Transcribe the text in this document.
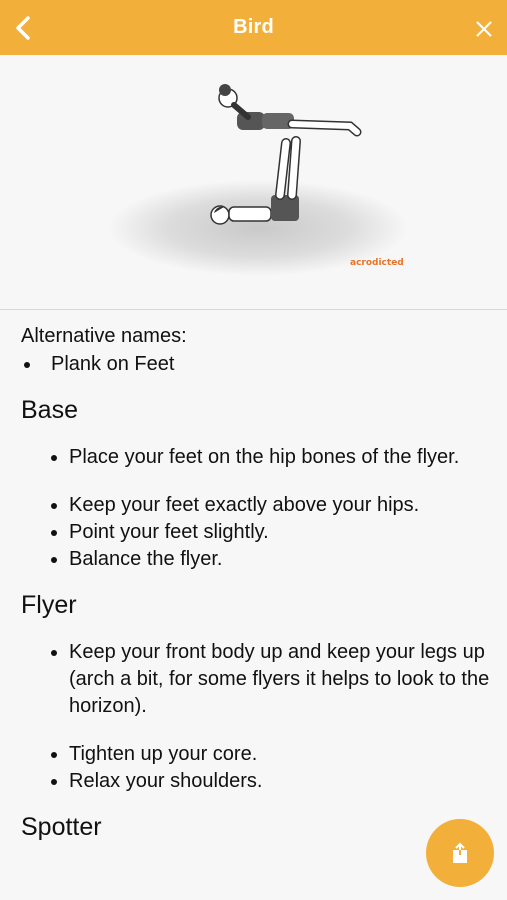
Bird
acrodicted
Alternative names:
Plank on Feet
Base
Place your feet on the hip bones of the flyer.
Keep your feet exactly above your hips.
Point your feet slightly.
Balance the flyer.
Flyer
Keep your front body up and keep your legs up (arch a bit, for some flyers it helps to look to the horizon).
Tighten up your core.
Relax your shoulders.
Spotter
